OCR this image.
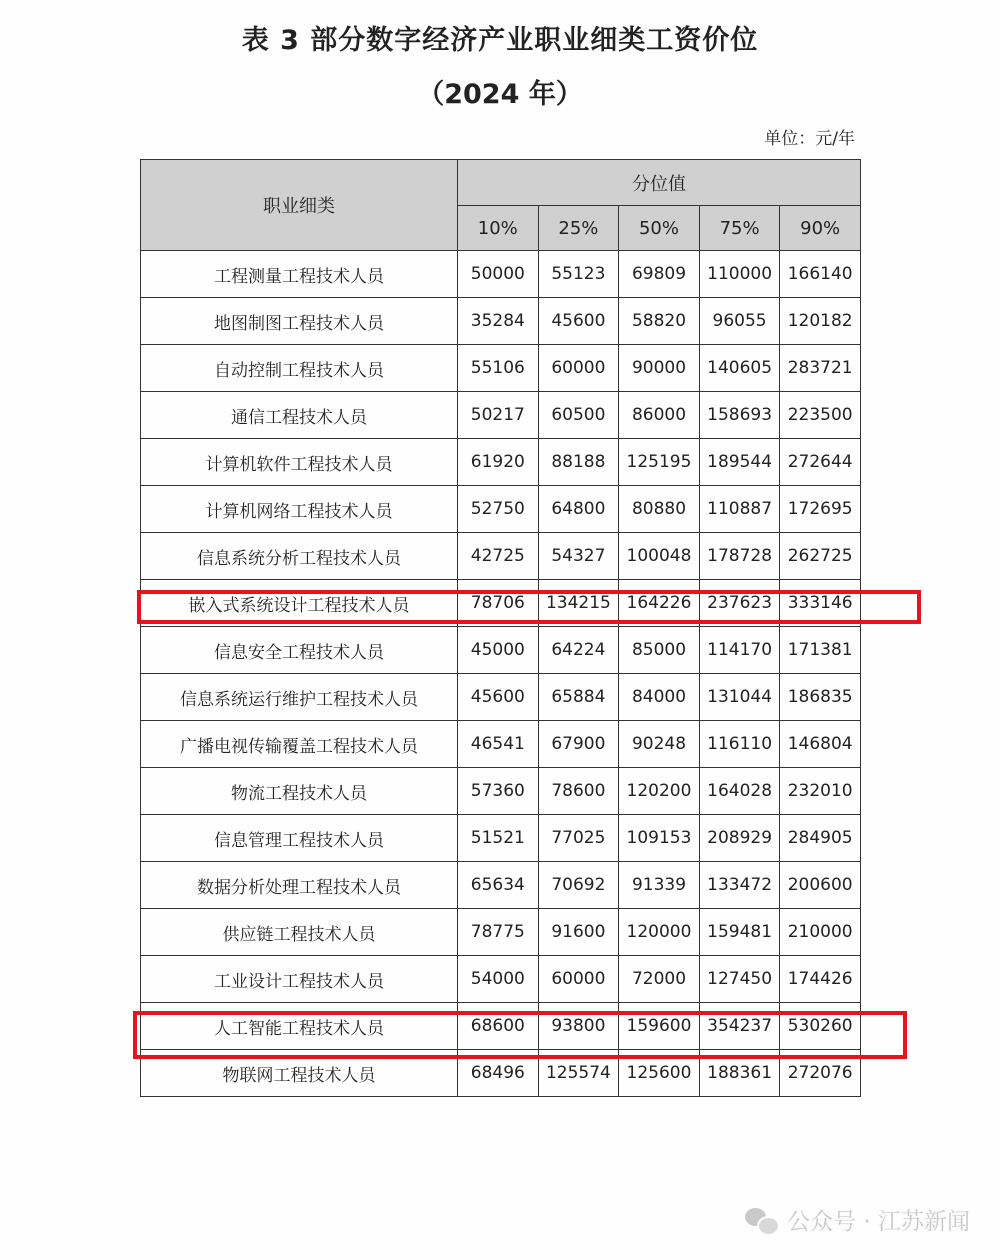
表 3 部分数字经济产业职业细类工资价位
（2024 年）
单位：元/年
职业细类	分位值				
	10%	25%	50%	75%	90%
工程测量工程技术人员	50000	55123	69809	110000	166140
地图制图工程技术人员	35284	45600	58820	96055	120182
自动控制工程技术人员	55106	60000	90000	140605	283721
通信工程技术人员	50217	60500	86000	158693	223500
计算机软件工程技术人员	61920	88188	125195	189544	272644
计算机网络工程技术人员	52750	64800	80880	110887	172695
信息系统分析工程技术人员	42725	54327	100048	178728	262725
嵌入式系统设计工程技术人员	78706	134215	164226	237623	333146
信息安全工程技术人员	45000	64224	85000	114170	171381
信息系统运行维护工程技术人员	45600	65884	84000	131044	186835
广播电视传输覆盖工程技术人员	46541	67900	90248	116110	146804
物流工程技术人员	57360	78600	120200	164028	232010
信息管理工程技术人员	51521	77025	109153	208929	284905
数据分析处理工程技术人员	65634	70692	91339	133472	200600
供应链工程技术人员	78775	91600	120000	159481	210000
工业设计工程技术人员	54000	60000	72000	127450	174426
人工智能工程技术人员	68600	93800	159600	354237	530260
物联网工程技术人员	68496	125574	125600	188361	272076
公众号 · 江苏新闻
